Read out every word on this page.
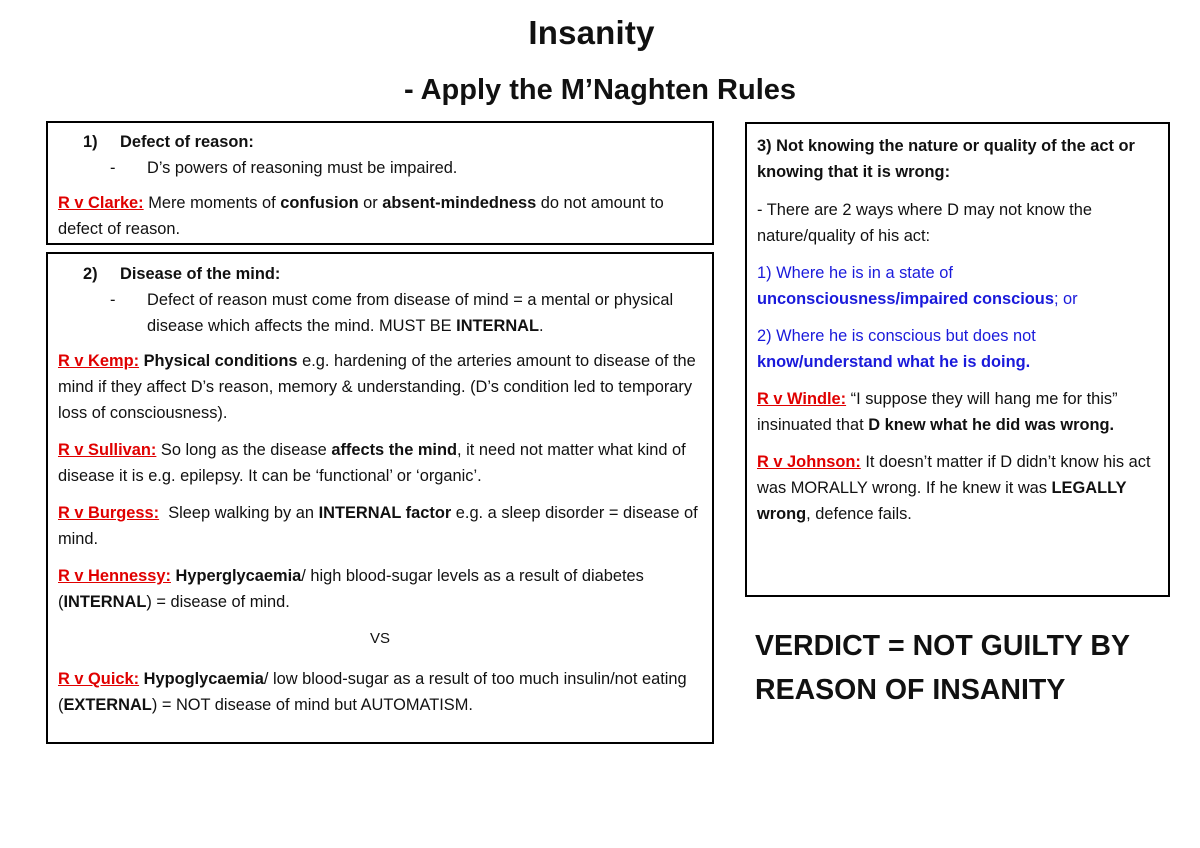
Insanity
- Apply the M’Naghten Rules

1) Defect of reason:

-	D’s powers of reasoning must be impaired.

R v Clarke: Mere moments of confusion or absent-mindedness do not amount to defect of reason.

2) Disease of the mind:

-	Defect of reason must come from disease of mind = a mental or physical disease which affects the mind. MUST BE INTERNAL.

R v Kemp: Physical conditions e.g. hardening of the arteries amount to disease of the mind if they affect D’s reason, memory & understanding. (D’s condition led to temporary loss of consciousness).

R v Sullivan: So long as the disease affects the mind, it need not matter what kind of disease it is e.g. epilepsy. It can be ‘functional’ or ‘organic’.

R v Burgess:  Sleep walking by an INTERNAL factor e.g. a sleep disorder = disease of mind.

R v Hennessy: Hyperglycaemia/ high blood-sugar levels as a result of diabetes (INTERNAL) = disease of mind.

VS

R v Quick: Hypoglycaemia/ low blood-sugar as a result of too much insulin/not eating (EXTERNAL) = NOT disease of mind but AUTOMATISM.

3) Not knowing the nature or quality of the act or knowing that it is wrong:

- There are 2 ways where D may not know the nature/quality of his act:

1) Where he is in a state of unconsciousness/impaired conscious; or

2) Where he is conscious but does not know/understand what he is doing.

R v Windle: “I suppose they will hang me for this” insinuated that D knew what he did was wrong.

R v Johnson: It doesn’t matter if D didn’t know his act was MORALLY wrong. If he knew it was LEGALLY wrong, defence fails.

VERDICT = NOT GUILTY BY REASON OF INSANITY
